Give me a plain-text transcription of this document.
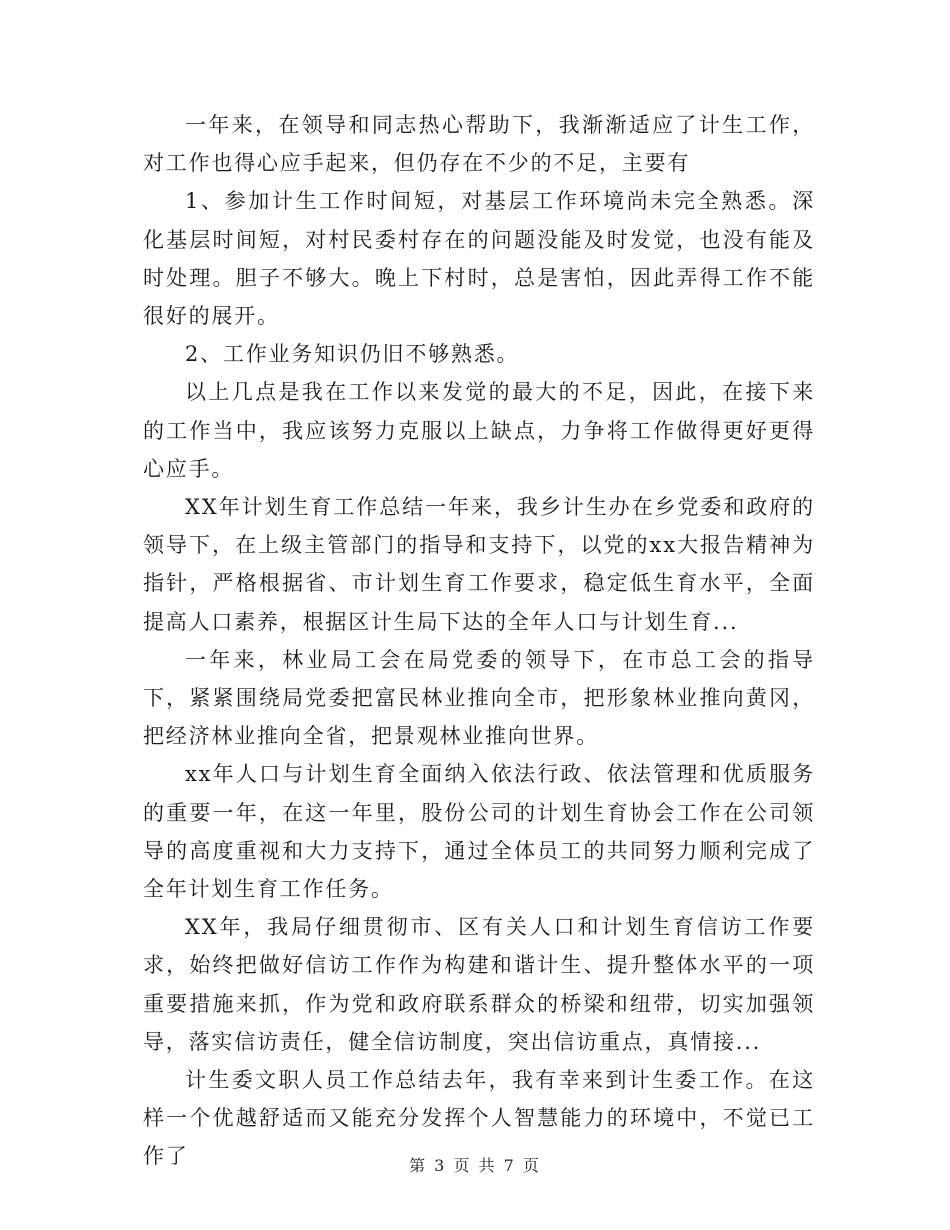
一年来，在领导和同志热心帮助下，我渐渐适应了计生工作，对工作也得心应手起来，但仍存在不少的不足，主要有

1、参加计生工作时间短，对基层工作环境尚未完全熟悉。深化基层时间短，对村民委村存在的问题没能及时发觉，也没有能及时处理。胆子不够大。晚上下村时，总是害怕，因此弄得工作不能很好的展开。

2、工作业务知识仍旧不够熟悉。

以上几点是我在工作以来发觉的最大的不足，因此，在接下来的工作当中，我应该努力克服以上缺点，力争将工作做得更好更得心应手。

XX年计划生育工作总结一年来，我乡计生办在乡党委和政府的领导下，在上级主管部门的指导和支持下，以党的xx大报告精神为指针，严格根据省、市计划生育工作要求，稳定低生育水平，全面提高人口素养，根据区计生局下达的全年人口与计划生育...

一年来，林业局工会在局党委的领导下，在市总工会的指导下，紧紧围绕局党委把富民林业推向全市，把形象林业推向黄冈，把经济林业推向全省，把景观林业推向世界。

xx年人口与计划生育全面纳入依法行政、依法管理和优质服务的重要一年，在这一年里，股份公司的计划生育协会工作在公司领导的高度重视和大力支持下，通过全体员工的共同努力顺利完成了全年计划生育工作任务。

XX年，我局仔细贯彻市、区有关人口和计划生育信访工作要求，始终把做好信访工作作为构建和谐计生、提升整体水平的一项重要措施来抓，作为党和政府联系群众的桥梁和纽带，切实加强领导，落实信访责任，健全信访制度，突出信访重点，真情接...

计生委文职人员工作总结去年，我有幸来到计生委工作。在这样一个优越舒适而又能充分发挥个人智慧能力的环境中，不觉已工作了	第 3 页 共 7 页
